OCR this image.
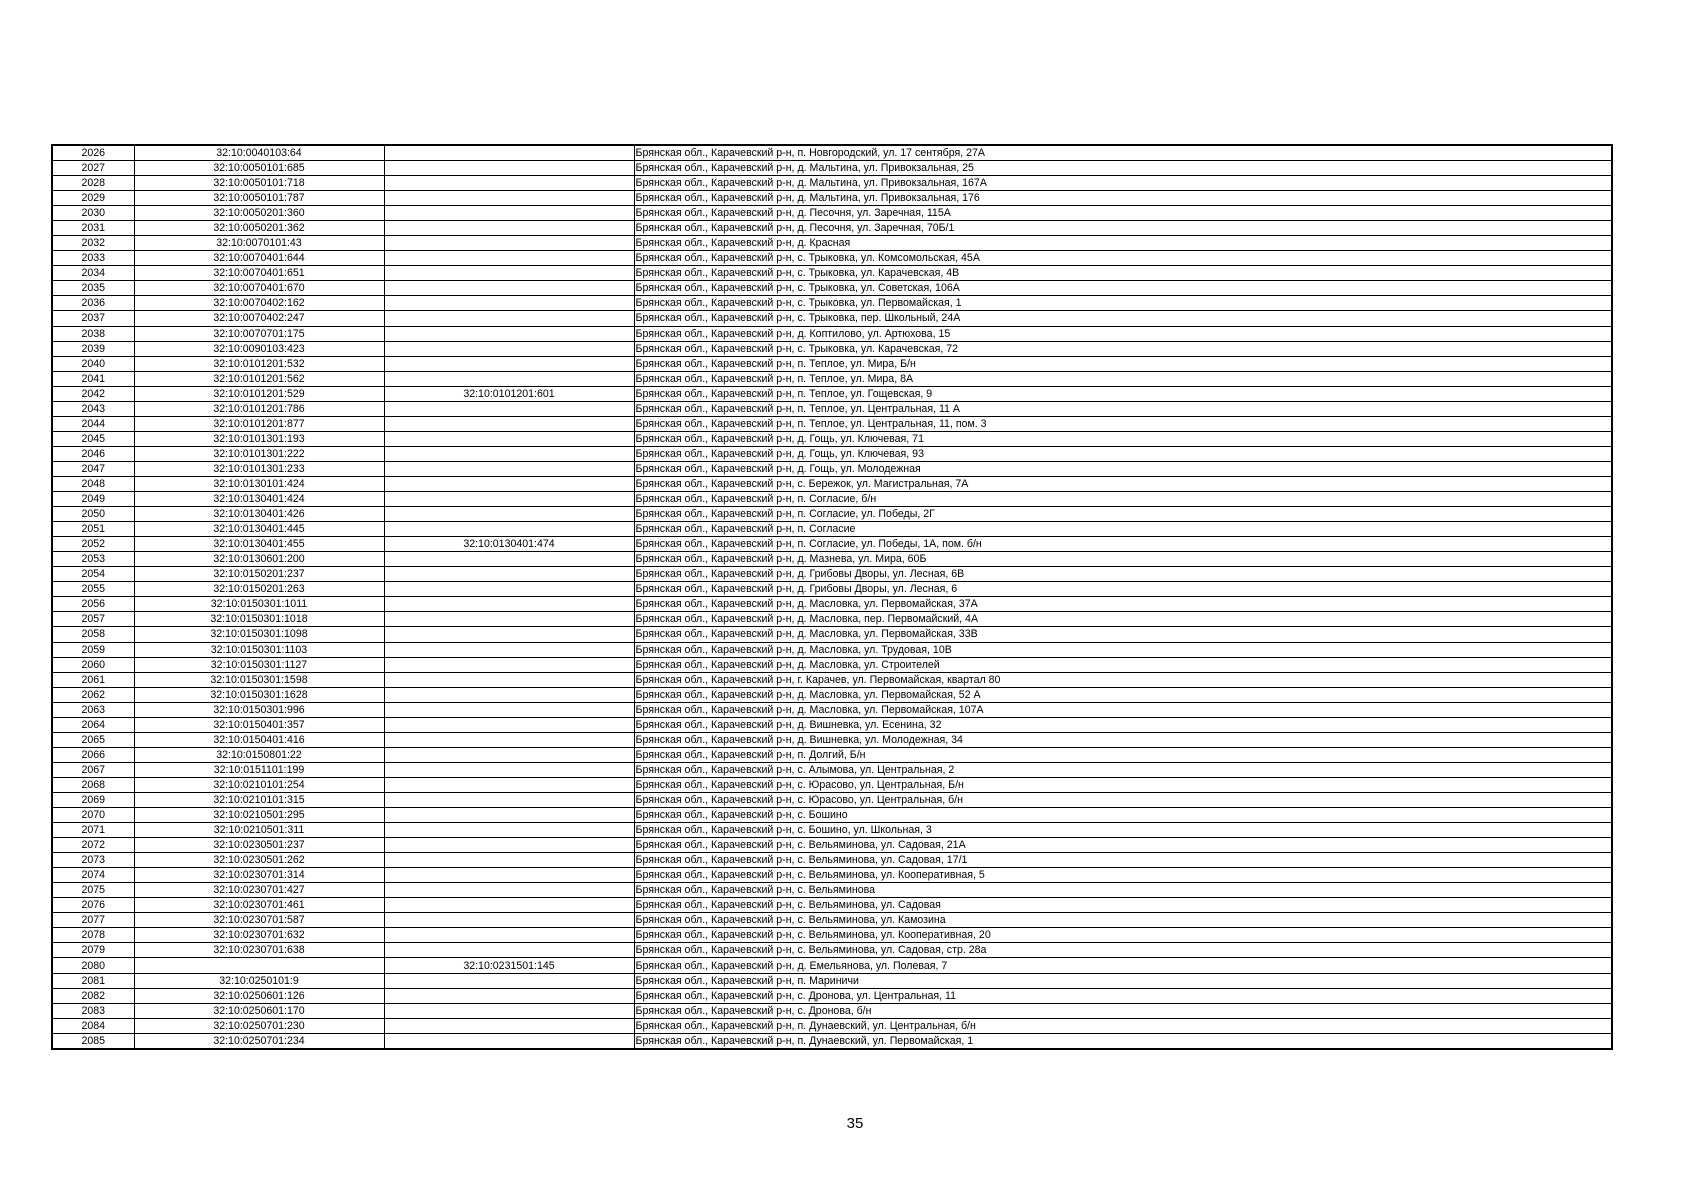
2026	32:10:0040103:64		Брянская обл., Карачевский р-н, п. Новгородский, ул. 17 сентября, 27А
2027	32:10:0050101:685		Брянская обл., Карачевский р-н, д. Мальтина, ул. Привокзальная, 25
2028	32:10:0050101:718		Брянская обл., Карачевский р-н, д. Мальтина, ул. Привокзальная, 167А
2029	32:10:0050101:787		Брянская обл., Карачевский р-н, д. Мальтина, ул. Привокзальная, 176
2030	32:10:0050201:360		Брянская обл., Карачевский р-н, д. Песочня, ул. Заречная, 115А
2031	32:10:0050201:362		Брянская обл., Карачевский р-н, д. Песочня, ул. Заречная, 70Б/1
2032	32:10:0070101:43		Брянская обл., Карачевский р-н, д. Красная
2033	32:10:0070401:644		Брянская обл., Карачевский р-н, с. Трыковка, ул. Комсомольская, 45А
2034	32:10:0070401:651		Брянская обл., Карачевский р-н, с. Трыковка, ул. Карачевская, 4В
2035	32:10:0070401:670		Брянская обл., Карачевский р-н, с. Трыковка, ул. Советская, 106А
2036	32:10:0070402:162		Брянская обл., Карачевский р-н, с. Трыковка, ул. Первомайская, 1
2037	32:10:0070402:247		Брянская обл., Карачевский р-н, с. Трыковка, пер. Школьный, 24А
2038	32:10:0070701:175		Брянская обл., Карачевский р-н, д. Коптилово, ул. Артюхова, 15
2039	32:10:0090103:423		Брянская обл., Карачевский р-н, с. Трыковка, ул. Карачевская, 72
2040	32:10:0101201:532		Брянская обл., Карачевский р-н, п. Теплое, ул. Мира, Б/н
2041	32:10:0101201:562		Брянская обл., Карачевский р-н, п. Теплое, ул. Мира, 8А
2042	32:10:0101201:529	32:10:0101201:601	Брянская обл., Карачевский р-н, п. Теплое, ул. Гощевская, 9
2043	32:10:0101201:786		Брянская обл., Карачевский р-н, п. Теплое, ул. Центральная, 11 А
2044	32:10:0101201:877		Брянская обл., Карачевский р-н, п. Теплое, ул. Центральная, 11, пом. 3
2045	32:10:0101301:193		Брянская обл., Карачевский р-н, д. Гощь, ул. Ключевая, 71
2046	32:10:0101301:222		Брянская обл., Карачевский р-н, д. Гощь, ул. Ключевая, 93
2047	32:10:0101301:233		Брянская обл., Карачевский р-н, д. Гощь, ул. Молодежная
2048	32:10:0130101:424		Брянская обл., Карачевский р-н, с. Бережок, ул. Магистральная, 7А
2049	32:10:0130401:424		Брянская обл., Карачевский р-н, п. Согласие, б/н
2050	32:10:0130401:426		Брянская обл., Карачевский р-н, п. Согласие, ул. Победы, 2Г
2051	32:10:0130401:445		Брянская обл., Карачевский р-н, п. Согласие
2052	32:10:0130401:455	32:10:0130401:474	Брянская обл., Карачевский р-н, п. Согласие, ул. Победы, 1А, пом. б/н
2053	32:10:0130601:200		Брянская обл., Карачевский р-н, д. Мазнева, ул. Мира, 60Б
2054	32:10:0150201:237		Брянская обл., Карачевский р-н, д. Грибовы Дворы, ул. Лесная, 6В
2055	32:10:0150201:263		Брянская обл., Карачевский р-н, д. Грибовы Дворы, ул. Лесная, 6
2056	32:10:0150301:1011		Брянская обл., Карачевский р-н, д. Масловка, ул. Первомайская, 37А
2057	32:10:0150301:1018		Брянская обл., Карачевский р-н, д. Масловка, пер. Первомайский, 4А
2058	32:10:0150301:1098		Брянская обл., Карачевский р-н, д. Масловка, ул. Первомайская, 33В
2059	32:10:0150301:1103		Брянская обл., Карачевский р-н, д. Масловка, ул. Трудовая, 10В
2060	32:10:0150301:1127		Брянская обл., Карачевский р-н, д. Масловка, ул. Строителей
2061	32:10:0150301:1598		Брянская обл., Карачевский р-н, г. Карачев, ул. Первомайская, квартал 80
2062	32:10:0150301:1628		Брянская обл., Карачевский р-н, д. Масловка, ул. Первомайская, 52 А
2063	32:10:0150301:996		Брянская обл., Карачевский р-н, д. Масловка, ул. Первомайская, 107А
2064	32:10:0150401:357		Брянская обл., Карачевский р-н, д. Вишневка, ул. Есенина, 32
2065	32:10:0150401:416		Брянская обл., Карачевский р-н, д. Вишневка, ул. Молодежная, 34
2066	32:10:0150801:22		Брянская обл., Карачевский р-н, п. Долгий, Б/н
2067	32:10:0151101:199		Брянская обл., Карачевский р-н, с. Алымова, ул. Центральная, 2
2068	32:10:0210101:254		Брянская обл., Карачевский р-н, с. Юрасово, ул. Центральная, Б/н
2069	32:10:0210101:315		Брянская обл., Карачевский р-н, с. Юрасово, ул. Центральная, б/н
2070	32:10:0210501:295		Брянская обл., Карачевский р-н, с. Бошино
2071	32:10:0210501:311		Брянская обл., Карачевский р-н, с. Бошино, ул. Школьная, 3
2072	32:10:0230501:237		Брянская обл., Карачевский р-н, с. Вельяминова, ул. Садовая, 21А
2073	32:10:0230501:262		Брянская обл., Карачевский р-н, с. Вельяминова, ул. Садовая, 17/1
2074	32:10:0230701:314		Брянская обл., Карачевский р-н, с. Вельяминова, ул. Кооперативная, 5
2075	32:10:0230701:427		Брянская обл., Карачевский р-н, с. Вельяминова
2076	32:10:0230701:461		Брянская обл., Карачевский р-н, с. Вельяминова, ул. Садовая
2077	32:10:0230701:587		Брянская обл., Карачевский р-н, с. Вельяминова, ул. Камозина
2078	32:10:0230701:632		Брянская обл., Карачевский р-н, с. Вельяминова, ул. Кооперативная, 20
2079	32:10:0230701:638		Брянская обл., Карачевский р-н, с. Вельяминова, ул. Садовая, стр. 28а
2080		32:10:0231501:145	Брянская обл., Карачевский р-н, д. Емельянова, ул. Полевая, 7
2081	32:10:0250101:9		Брянская обл., Карачевский р-н, п. Мариничи
2082	32:10:0250601:126		Брянская обл., Карачевский р-н, с. Дронова, ул. Центральная, 11
2083	32:10:0250601:170		Брянская обл., Карачевский р-н, с. Дронова, б/н
2084	32:10:0250701:230		Брянская обл., Карачевский р-н, п. Дунаевский, ул. Центральная, б/н
2085	32:10:0250701:234		Брянская обл., Карачевский р-н, п. Дунаевский, ул. Первомайская, 1
35
